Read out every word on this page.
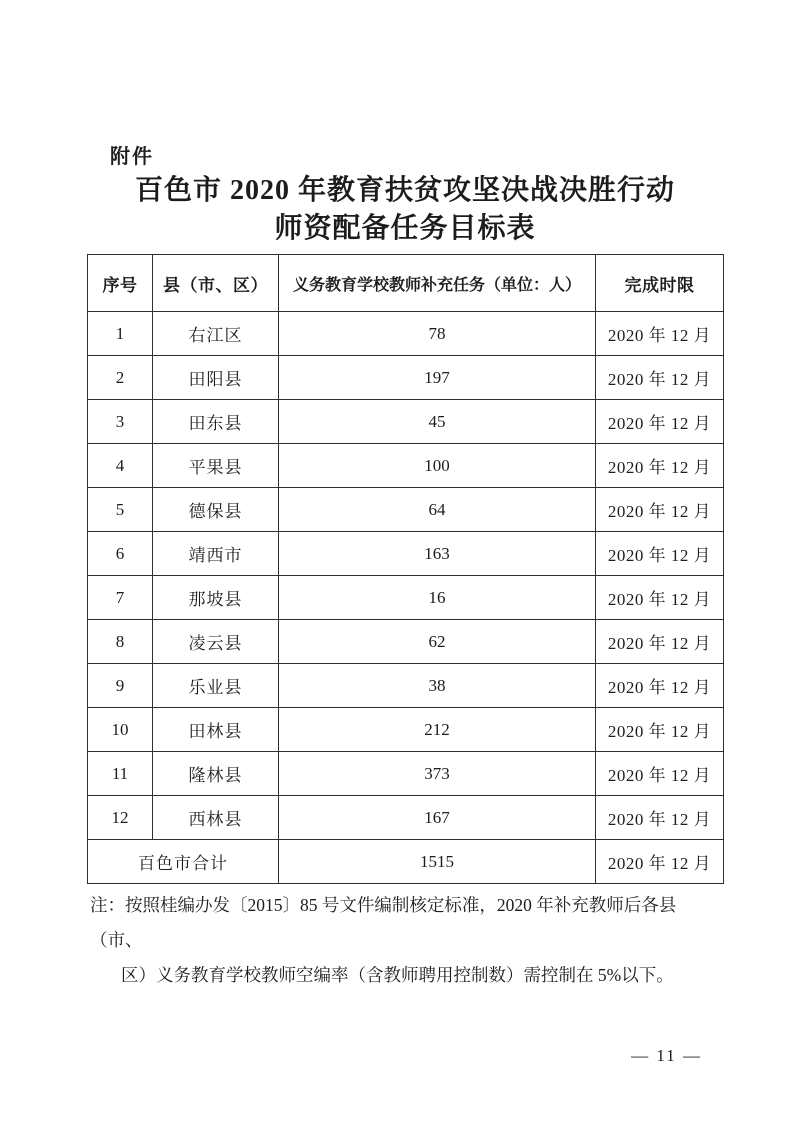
附件
百色市 2020 年教育扶贫攻坚决战决胜行动
师资配备任务目标表
序号	县（市、区）	义务教育学校教师补充任务（单位：人）	完成时限
1	右江区	78	2020 年 12 月
2	田阳县	197	2020 年 12 月
3	田东县	45	2020 年 12 月
4	平果县	100	2020 年 12 月
5	德保县	64	2020 年 12 月
6	靖西市	163	2020 年 12 月
7	那坡县	16	2020 年 12 月
8	凌云县	62	2020 年 12 月
9	乐业县	38	2020 年 12 月
10	田林县	212	2020 年 12 月
11	隆林县	373	2020 年 12 月
12	西林县	167	2020 年 12 月
百色市合计		1515	2020 年 12 月
注：按照桂编办发〔2015〕85 号文件编制核定标准，2020 年补充教师后各县（市、
区）义务教育学校教师空编率（含教师聘用控制数）需控制在 5%以下。
— 11 —
